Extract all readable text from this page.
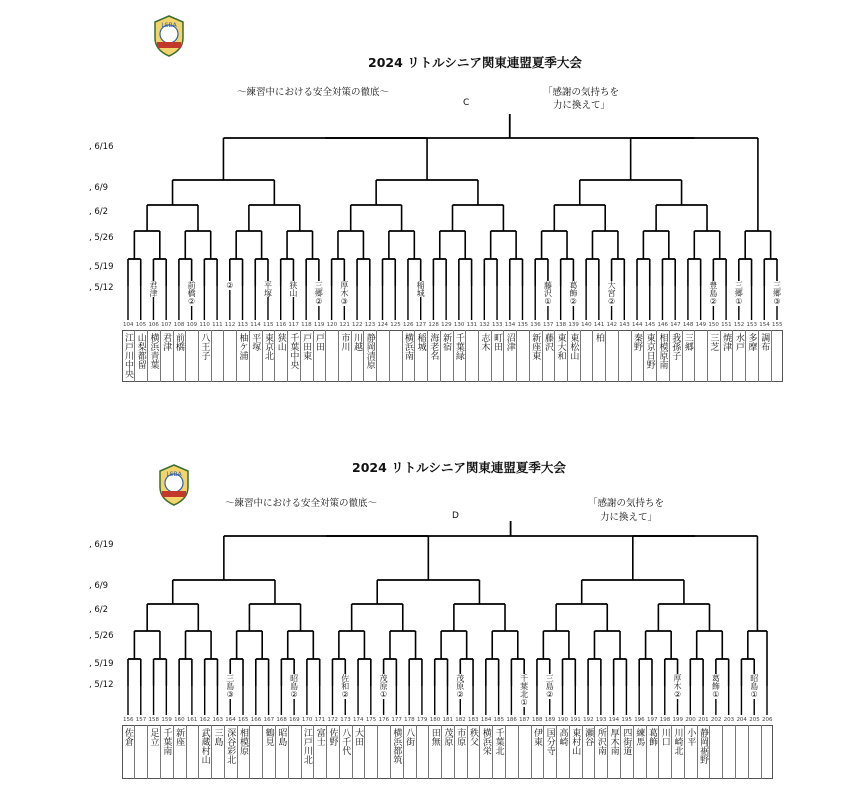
LSBA
2024 リトルシニア関東連盟夏季大会
～練習中における安全対策の徹底～	「感謝の気持ちを
力に換えて」
C
, 6/16
, 6/9
, 6/2
, 5/26
, 5/19
, 5/12
104 105 106 107 108 109 110 111 112 113 114 115 116 117 118 119 120 121 122 123 124 125 126 127 128 129 130 131 132 133 134 135 136 137 138 139 140 141 142 143 144 145 146 147 148 149 150 151 152 153 154 155
江戸川中央 山梨都留 横浜青葉 君津 前橋 八王子	柚ケ浦 平塚 東京北 狭山 千葉中央 戸田東 戸田 市川 川越 静岡清原	横浜南 稲城 海老名 新宿 千葉緑 志木 町田 沼津 新座東 藤沢 東大和 東松山 柏	秦野 東京日野 相模原南 我孫子 三郷 三芝 焼津 水戸 多摩 調布
君津	前橋②	②	平塚 狭山 三郷② 厚木③	稲城	藤沢① 葛飾②	大宮②	豊島② 三郷①	三郷③
LSBA	2024 リトルシニア関東連盟夏季大会
～練習中における安全対策の徹底～	「感謝の気持ちを
力に換えて」
D
, 6/19
, 6/9
, 6/2
, 5/26
, 5/19
, 5/12
156 157 158 159 160 161 162 163 164 165 166 167 168 169 170 171 172 173 174 175 176 177 178 179 180 181 182 183 184 185 186 187 188 189 190 191 192 193 194 195 196 197 198 199 200 201 202 203 204 205 206
佐倉 足立 千葉南 新座 武蔵村山 三島 深谷彩北 相模原 鶴見 昭島 江戸川北 富士 佐野 八千代 大田	横浜都筑 八街 田無 茂原 市原 秩父 横浜栄 千葉北	伊東 国分寺 高崎 東村山 瀬谷 所沢南 厚木南 四街道 練馬 葛飾 川口 川崎北 小平 静岡裾野
三島③	昭島②	佐和②	茂原①	茂原②	千葉北① 三島②	厚木②	葛飾①	昭島①
